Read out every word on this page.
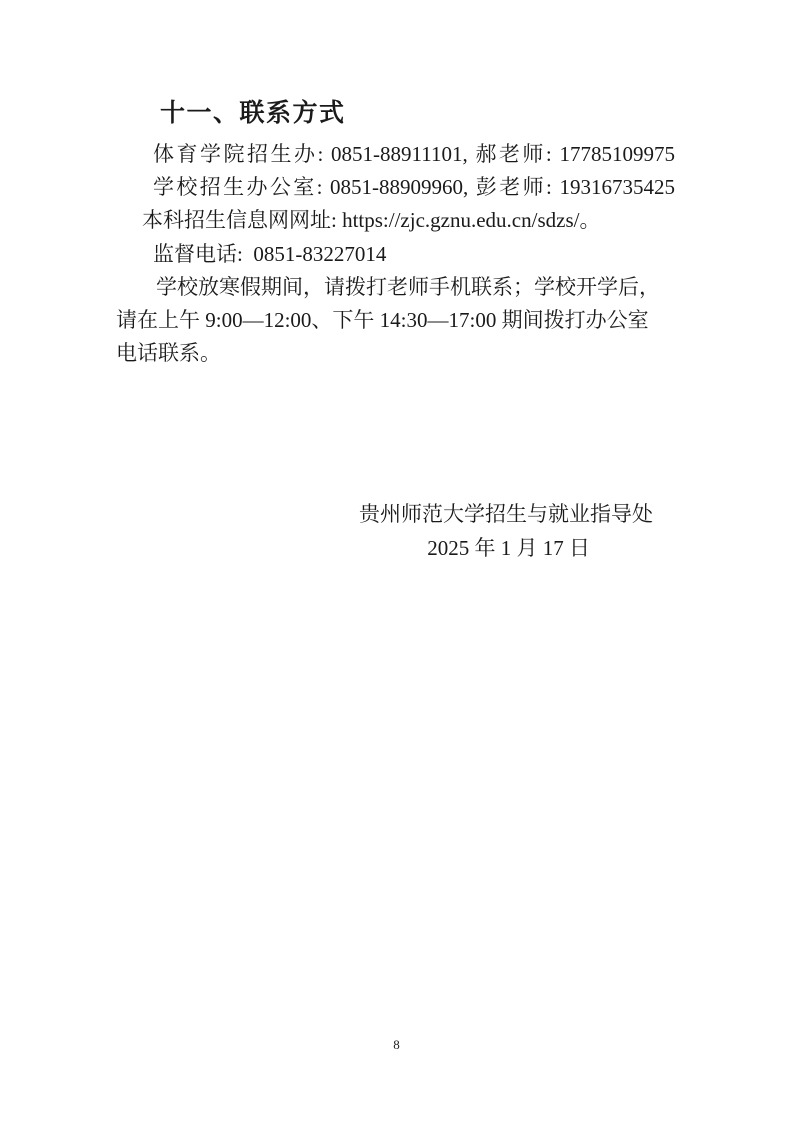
十一、联系方式
体育学院招生办: 0851-88911101, 郝老师: 17785109975
学校招生办公室: 0851-88909960, 彭老师: 19316735425
本科招生信息网网址: https://zjc.gznu.edu.cn/sdzs/。
监督电话:  0851-83227014
学校放寒假期间，请拨打老师手机联系；学校开学后，
请在上午 9:00—12:00、下午 14:30—17:00 期间拨打办公室
电话联系。
贵州师范大学招生与就业指导处
2025 年 1 月 17 日
8
